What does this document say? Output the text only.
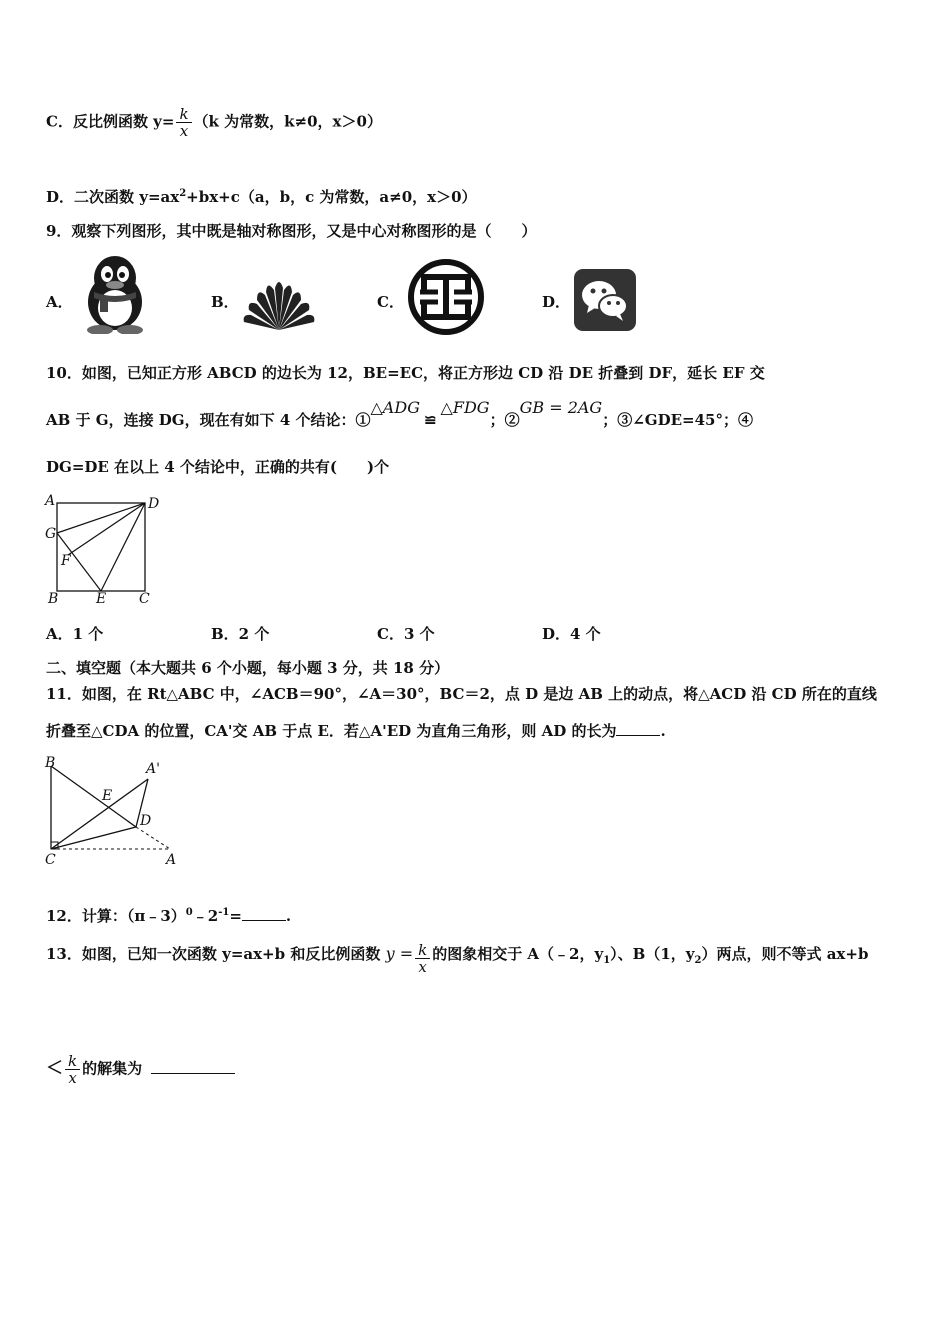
C．反比例函数 $y= \frac{k}{x} (k$ 为常数，k≠0，x＞0）
D．二次函数 $y=ax^2+bx+c(a$，b，c 为常数，a≠0，x＞0）
9．观察下列图形，其中既是轴对称图形，又是中心对称图形的是（　　）
A．	B．	C．	D．
10．如图，已知正方形 ABCD 的边长为 12，BE=EC，将正方形边 CD 沿 DE 折叠到 DF，延长 EF 交
AB 于 G，连接 DG，现在有如下 4 个结论：①△ADG≌△FDG；②GB = 2AG；③∠GDE=45°；④
DG=DE 在以上 4 个结论中，正确的共有(　　)个
A	D
G
F
B	E C
A．1 个	B．2 个	C．3 个	D．4 个
二、填空题（本大题共 6 个小题，每小题 3 分，共 18 分）
11．如图，在 Rt△ABC 中，∠ACB＝90°，∠A＝30°，BC＝2，点 D 是边 AB 上的动点，将△ACD 沿 CD 所在的直线
折叠至△CDA 的位置，CA'交 AB 于点 E．若△A'ED 为直角三角形，则 AD 的长为	.
B	A'
E
D
C	A
12．计算：$(\pi﹣3)^0﹣2^{-1}=$	.
13．如图，已知一次函数 y=ax+b 和反比例函数 $y = \frac{k}{x}$ 的图象相交于 A（﹣2，$y_1$）、B（1，$y_2$）两点，则不等式 ax+b
＜ $\frac{k}{x}$ 的解集为
